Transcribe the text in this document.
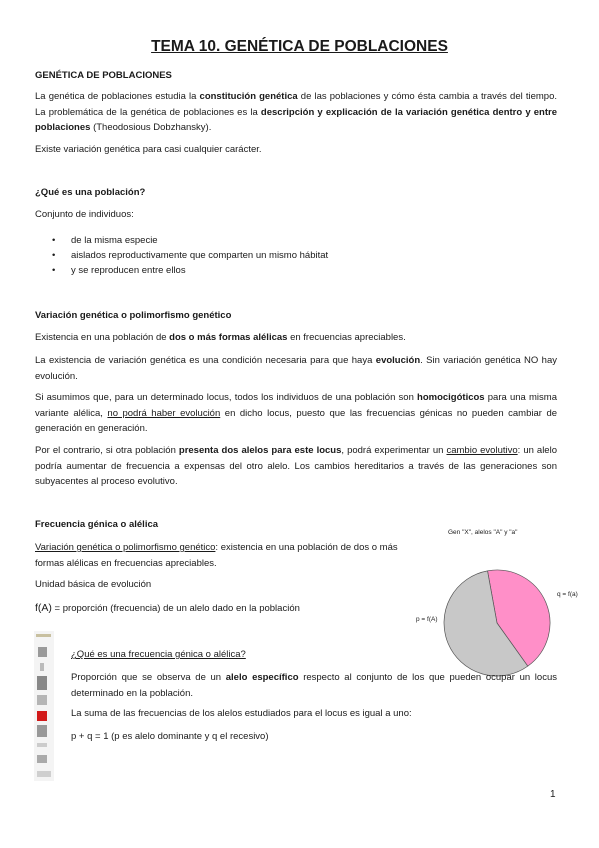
TEMA 10. GENÉTICA DE POBLACIONES
GENÉTICA DE POBLACIONES
La genética de poblaciones estudia la constitución genética de las poblaciones y cómo ésta cambia a través del tiempo. La problemática de la genética de poblaciones es la descripción y explicación de la variación genética dentro y entre poblaciones (Theodosious Dobzhansky).
Existe variación genética para casi cualquier carácter.
¿Qué es una población?
Conjunto de individuos:
• de la misma especie
• aislados reproductivamente que comparten un mismo hábitat
• y se reproducen entre ellos
Variación genética o polimorfismo genético
Existencia en una población de dos o más formas alélicas en frecuencias apreciables.
La existencia de variación genética es una condición necesaria para que haya evolución. Sin variación genética NO hay evolución.
Si asumimos que, para un determinado locus, todos los individuos de una población son homocigóticos para una misma variante alélica, no podrá haber evolución en dicho locus, puesto que las frecuencias génicas no pueden cambiar de generación en generación.
Por el contrario, si otra población presenta dos alelos para este locus, podrá experimentar un cambio evolutivo: un alelo podría aumentar de frecuencia a expensas del otro alelo. Los cambios hereditarios a través de las generaciones son subyacentes al proceso evolutivo.
Frecuencia génica o alélica
Variación genética o polimorfismo genético: existencia en una población de dos o más formas alélicas en frecuencias apreciables.
Unidad básica de evolución
f(A) = proporción (frecuencia) de un alelo dado en la población
Gen "X", alelos "A" y "a"
q = f(a)
p = f(A)
¿Qué es una frecuencia génica o alélica?
Proporción que se observa de un alelo específico respecto al conjunto de los que pueden ocupar un locus determinado en la población.
La suma de las frecuencias de los alelos estudiados para el locus es igual a uno:
p + q = 1 (p es alelo dominante y q el recesivo)
1
